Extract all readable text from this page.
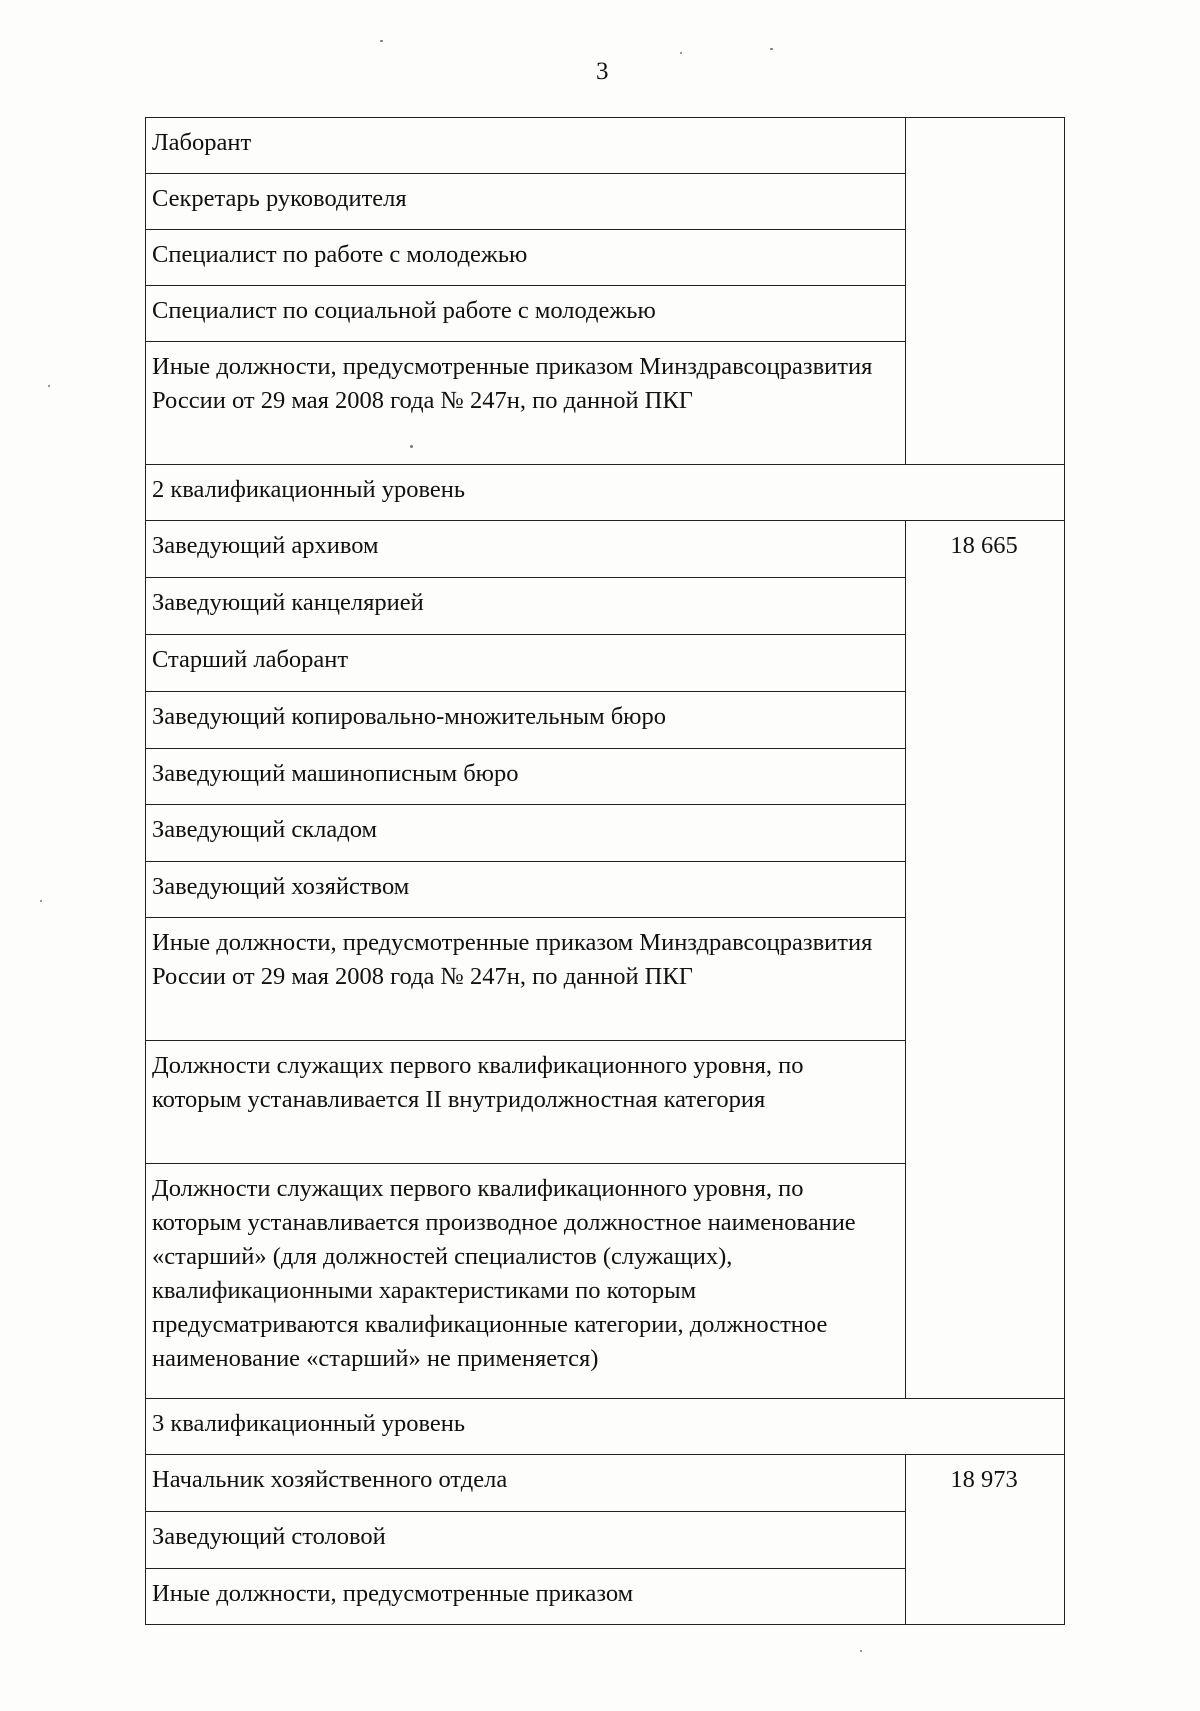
3
Лаборант	
Секретарь руководителя	
Специалист по работе с молодежью	
Специалист по социальной работе с молодежью	
Иные должности, предусмотренные приказом Минздравсоцразвития России от 29 мая 2008 года № 247н, по данной ПКГ	
2 квалификационный уровень	
Заведующий архивом	18 665
Заведующий канцелярией	
Старший лаборант	
Заведующий копировально-множительным бюро	
Заведующий машинописным бюро	
Заведующий складом	
Заведующий хозяйством	
Иные должности, предусмотренные приказом Минздравсоцразвития России от 29 мая 2008 года № 247н, по данной ПКГ	
Должности служащих первого квалификационного уровня, по которым устанавливается II внутридолжностная категория	
Должности служащих первого квалификационного уровня, по которым устанавливается производное должностное наименование «старший» (для должностей специалистов (служащих), квалификационными характеристиками по которым предусматриваются квалификационные категории, должностное наименование «старший» не применяется)	
3 квалификационный уровень	
Начальник хозяйственного отдела	18 973
Заведующий столовой	
Иные должности, предусмотренные приказом	
